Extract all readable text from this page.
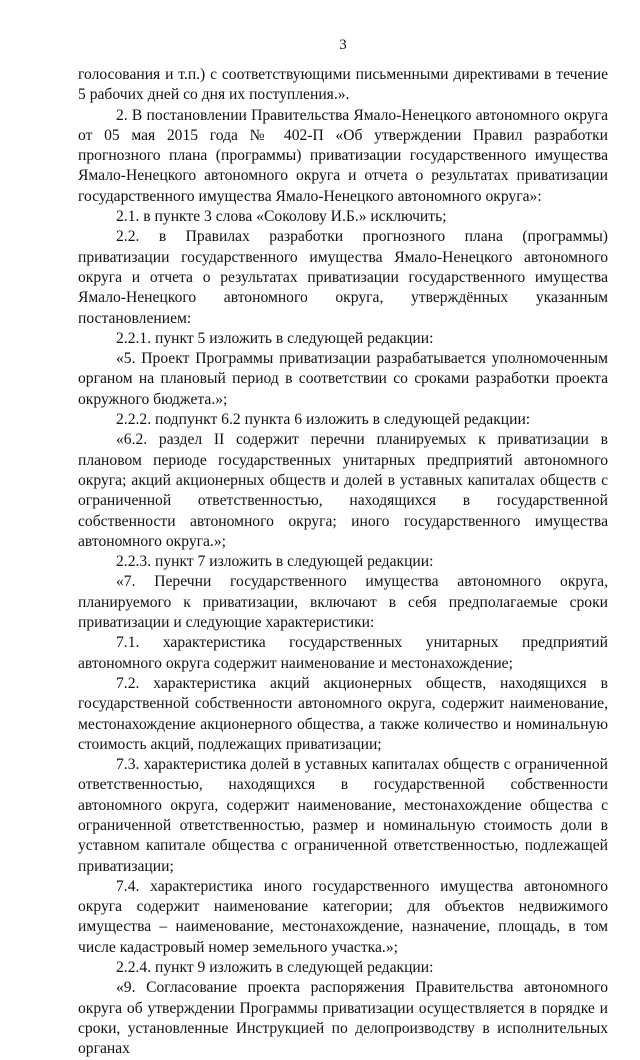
3

голосования и т.п.) с соответствующими письменными директивами в течение 5 рабочих дней со дня их поступления.».

2. В постановлении Правительства Ямало-Ненецкого автономного округа от 05 мая 2015 года № 402-П «Об утверждении Правил разработки прогнозного плана (программы) приватизации государственного имущества Ямало-Ненецкого автономного округа и отчета о результатах приватизации государственного имущества Ямало-Ненецкого автономного округа»:

2.1. в пункте 3 слова «Соколову И.Б.» исключить;

2.2. в Правилах разработки прогнозного плана (программы) приватизации государственного имущества Ямало-Ненецкого автономного округа и отчета о результатах приватизации государственного имущества Ямало-Ненецкого автономного округа, утверждённых указанным постановлением:

2.2.1. пункт 5 изложить в следующей редакции:

«5. Проект Программы приватизации разрабатывается уполномоченным органом на плановый период в соответствии со сроками разработки проекта окружного бюджета.»;

2.2.2. подпункт 6.2 пункта 6 изложить в следующей редакции:

«6.2. раздел II содержит перечни планируемых к приватизации в плановом периоде государственных унитарных предприятий автономного округа; акций акционерных обществ и долей в уставных капиталах обществ с ограниченной ответственностью, находящихся в государственной собственности автономного округа; иного государственного имущества автономного округа.»;

2.2.3. пункт 7 изложить в следующей редакции:

«7. Перечни государственного имущества автономного округа, планируемого к приватизации, включают в себя предполагаемые сроки приватизации и следующие характеристики:

7.1. характеристика государственных унитарных предприятий автономного округа содержит наименование и местонахождение;

7.2. характеристика акций акционерных обществ, находящихся в государственной собственности автономного округа, содержит наименование, местонахождение акционерного общества, а также количество и номинальную стоимость акций, подлежащих приватизации;

7.3. характеристика долей в уставных капиталах обществ с ограниченной ответственностью, находящихся в государственной собственности автономного округа, содержит наименование, местонахождение общества с ограниченной ответственностью, размер и номинальную стоимость доли в уставном капитале общества с ограниченной ответственностью, подлежащей приватизации;

7.4. характеристика иного государственного имущества автономного округа содержит наименование категории; для объектов недвижимого имущества – наименование, местонахождение, назначение, площадь, в том числе кадастровый номер земельного участка.»;

2.2.4. пункт 9 изложить в следующей редакции:

«9. Согласование проекта распоряжения Правительства автономного округа об утверждении Программы приватизации осуществляется в порядке и сроки, установленные Инструкцией по делопроизводству в исполнительных органах
